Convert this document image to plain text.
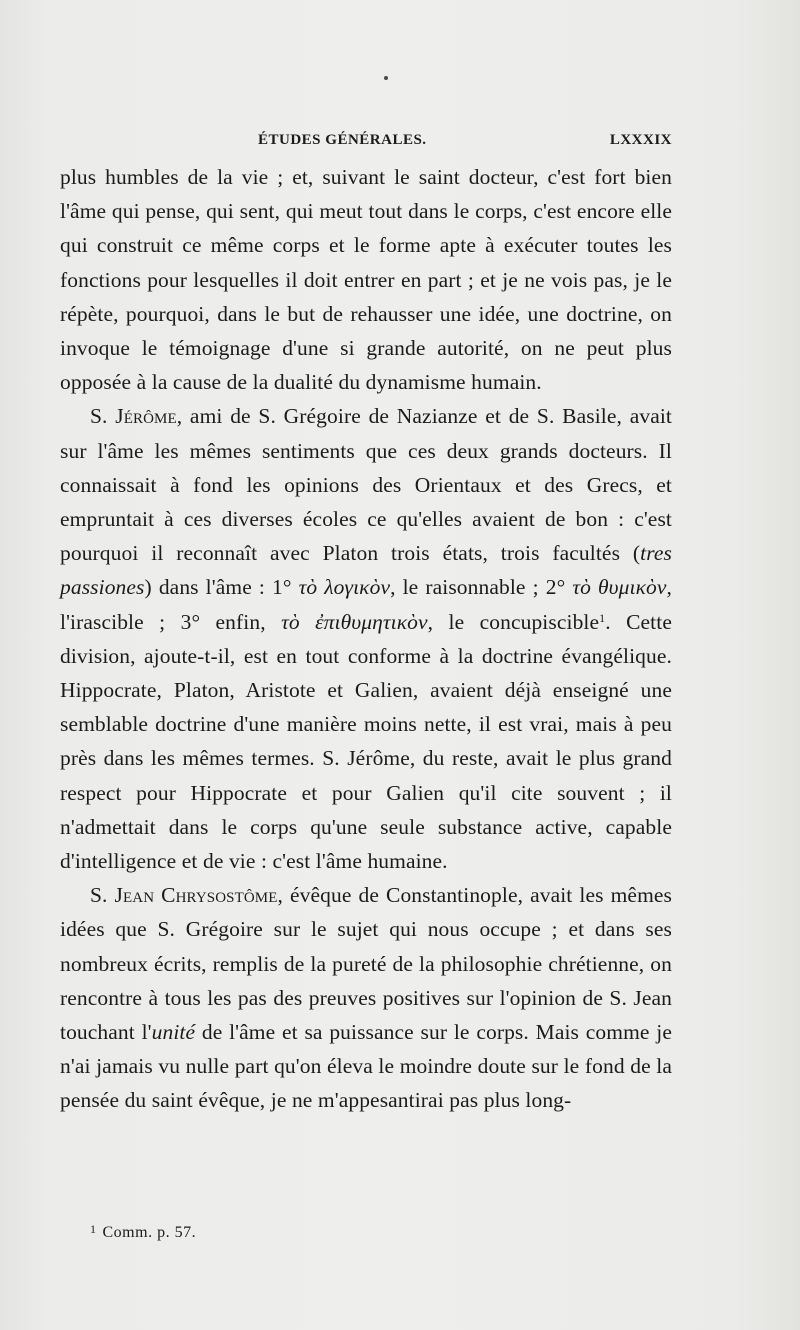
ÉTUDES GÉNÉRALES.	LXXXIX

plus humbles de la vie ; et, suivant le saint docteur, c'est fort bien l'âme qui pense, qui sent, qui meut tout dans le corps, c'est encore elle qui construit ce même corps et le forme apte à exécuter toutes les fonctions pour lesquelles il doit entrer en part ; et je ne vois pas, je le répète, pourquoi, dans le but de rehausser une idée, une doctrine, on invoque le témoignage d'une si grande autorité, on ne peut plus opposée à la cause de la dualité du dynamisme humain.

S. Jérôme, ami de S. Grégoire de Nazianze et de S. Basile, avait sur l'âme les mêmes sentiments que ces deux grands docteurs. Il connaissait à fond les opinions des Orientaux et des Grecs, et empruntait à ces diverses écoles ce qu'elles avaient de bon : c'est pourquoi il reconnaît avec Platon trois états, trois facultés (tres passiones) dans l'âme : 1° τὸ λογικὸν, le raisonnable ; 2° τὸ θυμικὸν, l'irascible ; 3° enfin, τὸ ἐπιθυμητικὸν, le concupiscible$^1$. Cette division, ajoute-t-il, est en tout conforme à la doctrine évangélique. Hippocrate, Platon, Aristote et Galien, avaient déjà enseigné une semblable doctrine d'une manière moins nette, il est vrai, mais à peu près dans les mêmes termes. S. Jérôme, du reste, avait le plus grand respect pour Hippocrate et pour Galien qu'il cite souvent ; il n'admettait dans le corps qu'une seule substance active, capable d'intelligence et de vie : c'est l'âme humaine.

S. Jean Chrysostôme, évêque de Constantinople, avait les mêmes idées que S. Grégoire sur le sujet qui nous occupe ; et dans ses nombreux écrits, remplis de la pureté de la philosophie chrétienne, on rencontre à tous les pas des preuves positives sur l'opinion de S. Jean touchant l'unité de l'âme et sa puissance sur le corps. Mais comme je n'ai jamais vu nulle part qu'on éleva le moindre doute sur le fond de la pensée du saint évêque, je ne m'appesantirai pas plus long-

$^1$ Comm. p. 57.
